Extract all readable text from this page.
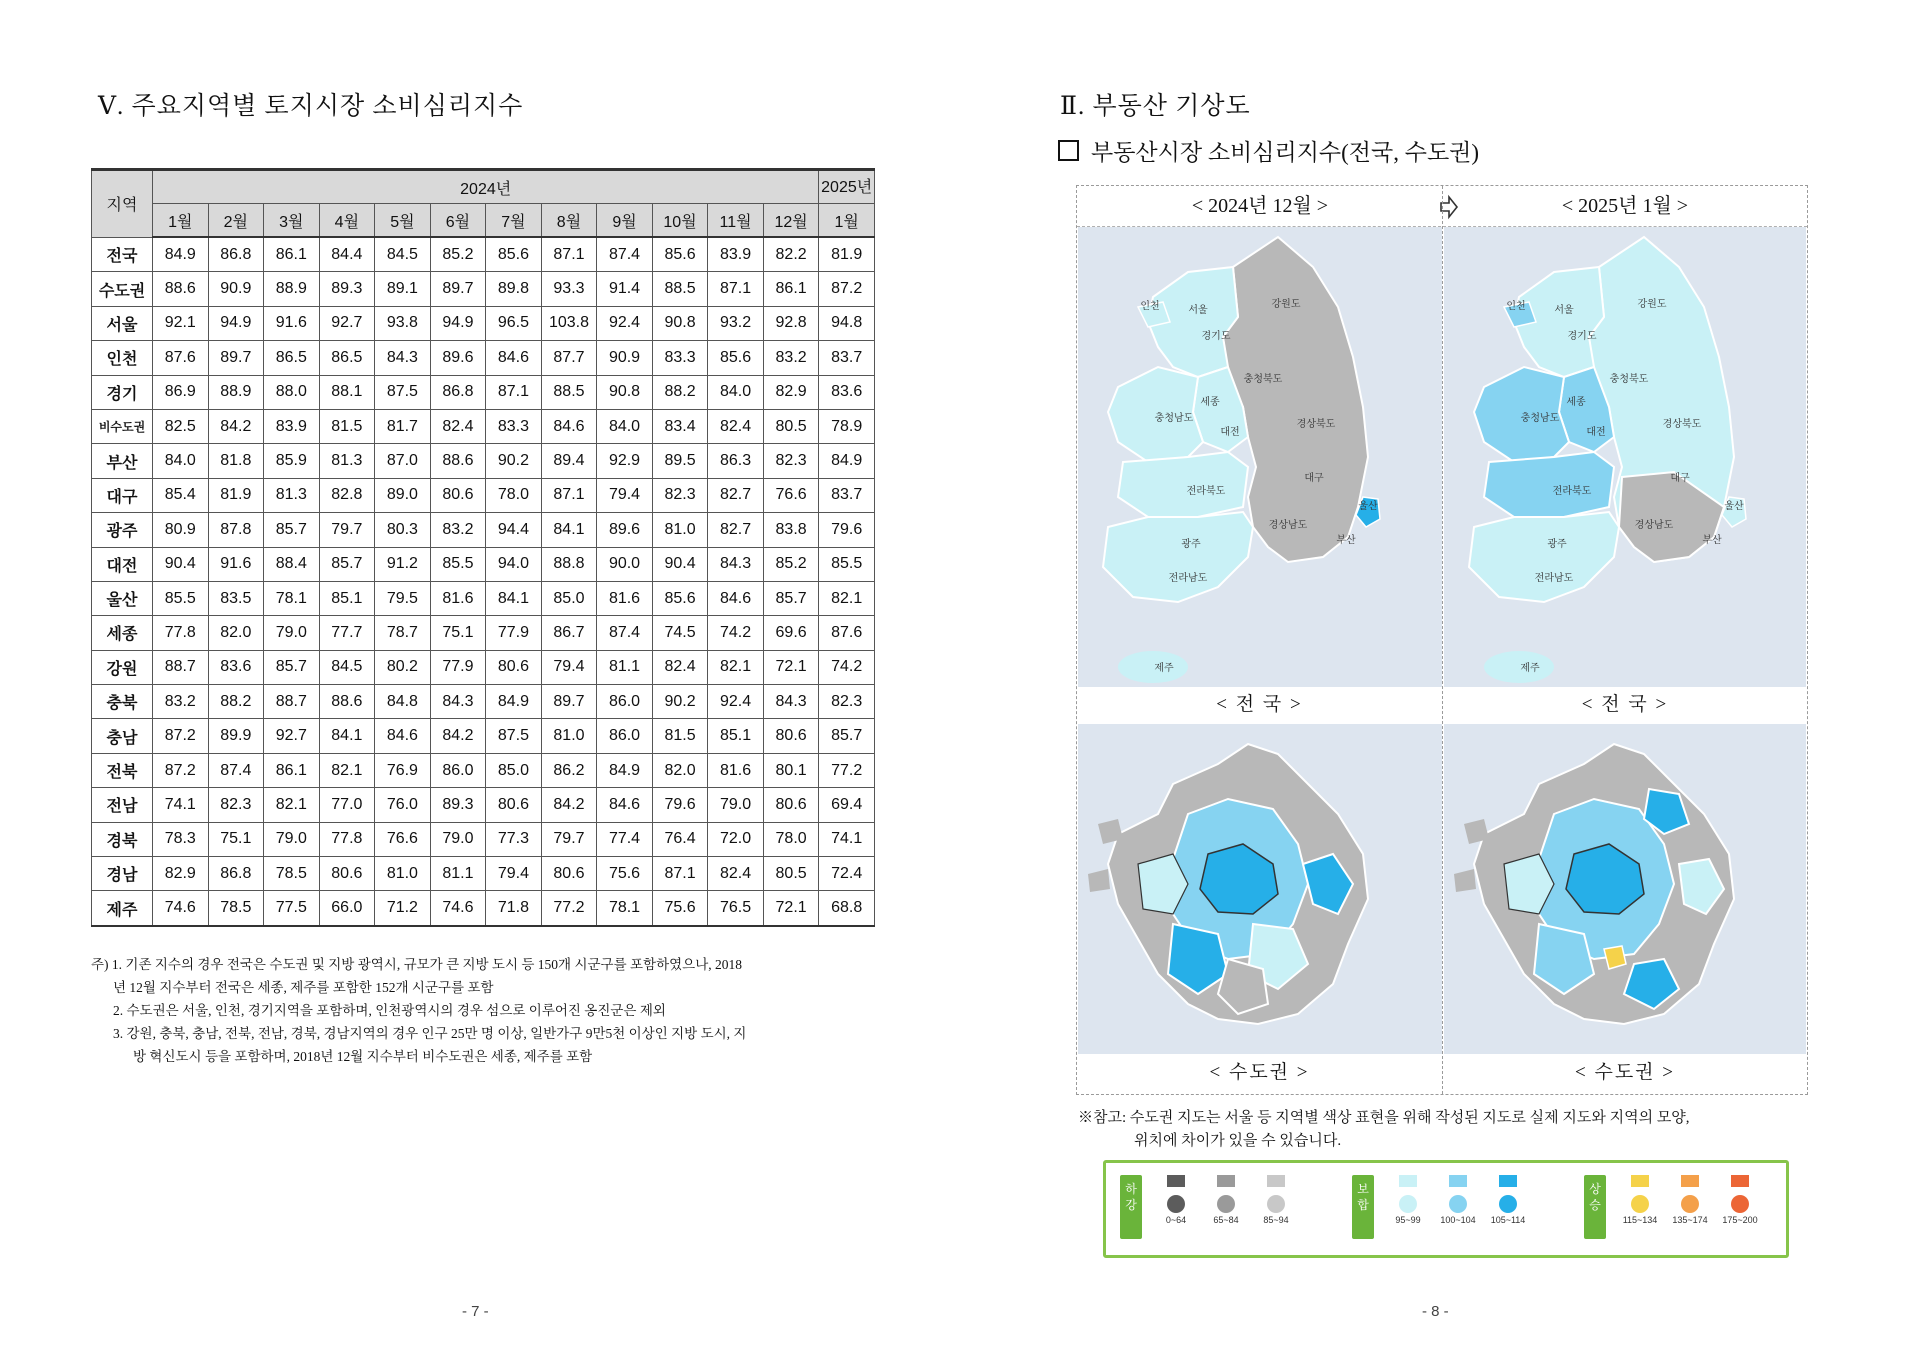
Ⅴ. 주요지역별 토지시장 소비심리지수
지역	2024년												2025년
	1월	2월	3월	4월	5월	6월	7월	8월	9월	10월	11월	12월	1월
전국	84.9	86.8	86.1	84.4	84.5	85.2	85.6	87.1	87.4	85.6	83.9	82.2	81.9
수도권	88.6	90.9	88.9	89.3	89.1	89.7	89.8	93.3	91.4	88.5	87.1	86.1	87.2
서울	92.1	94.9	91.6	92.7	93.8	94.9	96.5	103.8	92.4	90.8	93.2	92.8	94.8
인천	87.6	89.7	86.5	86.5	84.3	89.6	84.6	87.7	90.9	83.3	85.6	83.2	83.7
경기	86.9	88.9	88.0	88.1	87.5	86.8	87.1	88.5	90.8	88.2	84.0	82.9	83.6
비수도권	82.5	84.2	83.9	81.5	81.7	82.4	83.3	84.6	84.0	83.4	82.4	80.5	78.9
부산	84.0	81.8	85.9	81.3	87.0	88.6	90.2	89.4	92.9	89.5	86.3	82.3	84.9
대구	85.4	81.9	81.3	82.8	89.0	80.6	78.0	87.1	79.4	82.3	82.7	76.6	83.7
광주	80.9	87.8	85.7	79.7	80.3	83.2	94.4	84.1	89.6	81.0	82.7	83.8	79.6
대전	90.4	91.6	88.4	85.7	91.2	85.5	94.0	88.8	90.0	90.4	84.3	85.2	85.5
울산	85.5	83.5	78.1	85.1	79.5	81.6	84.1	85.0	81.6	85.6	84.6	85.7	82.1
세종	77.8	82.0	79.0	77.7	78.7	75.1	77.9	86.7	87.4	74.5	74.2	69.6	87.6
강원	88.7	83.6	85.7	84.5	80.2	77.9	80.6	79.4	81.1	82.4	82.1	72.1	74.2
충북	83.2	88.2	88.7	88.6	84.8	84.3	84.9	89.7	86.0	90.2	92.4	84.3	82.3
충남	87.2	89.9	92.7	84.1	84.6	84.2	87.5	81.0	86.0	81.5	85.1	80.6	85.7
전북	87.2	87.4	86.1	82.1	76.9	86.0	85.0	86.2	84.9	82.0	81.6	80.1	77.2
전남	74.1	82.3	82.1	77.0	76.0	89.3	80.6	84.2	84.6	79.6	79.0	80.6	69.4
경북	78.3	75.1	79.0	77.8	76.6	79.0	77.3	79.7	77.4	76.4	72.0	78.0	74.1
경남	82.9	86.8	78.5	80.6	81.0	81.1	79.4	80.6	75.6	87.1	82.4	80.5	72.4
제주	74.6	78.5	77.5	66.0	71.2	74.6	71.8	77.2	78.1	75.6	76.5	72.1	68.8
주) 1. 기존 지수의 경우 전국은 수도권 및 지방 광역시, 규모가 큰 지방 도시 등 150개 시군구를 포함하였으나, 2018
년 12월 지수부터 전국은 세종, 제주를 포함한 152개 시군구를 포함
2. 수도권은 서울, 인천, 경기지역을 포함하며, 인천광역시의 경우 섬으로 이루어진 옹진군은 제외
3. 강원, 충북, 충남, 전북, 전남, 경북, 경남지역의 경우 인구 25만 명 이상, 일반가구 9만5천 이상인 지방 도시, 지
방 혁신도시 등을 포함하며, 2018년 12월 지수부터 비수도권은 세종, 제주를 포함
- 7 -
Ⅱ. 부동산 기상도
부동산시장 소비심리지수(전국, 수도권)
< 2024년 12월 >	< 2025년 1월 >
인천	서울
경기도
강원도
충청북도
세종
충청남도
대전
경상북도
대구
전라북도
울산
경상남도
광주	부산
전라남도
제주
인천	서울
경기도
강원도
충청북도
세종
충청남도
대전
경상북도
대구
전라북도
울산
경상남도
광주	부산
전라남도
제주
< 전 국 >	< 전 국 >
< 수도권 >	< 수도권 >
※참고: 수도권 지도는 서울 등 지역별 색상 표현을 위해 작성된 지도로 실제 지도와 지역의 모양,
위치에 차이가 있을 수 있습니다.
하강
0~64	65~84	85~94
보합
95~99	100~104	105~114
상승
115~134	135~174	175~200
- 8 -
